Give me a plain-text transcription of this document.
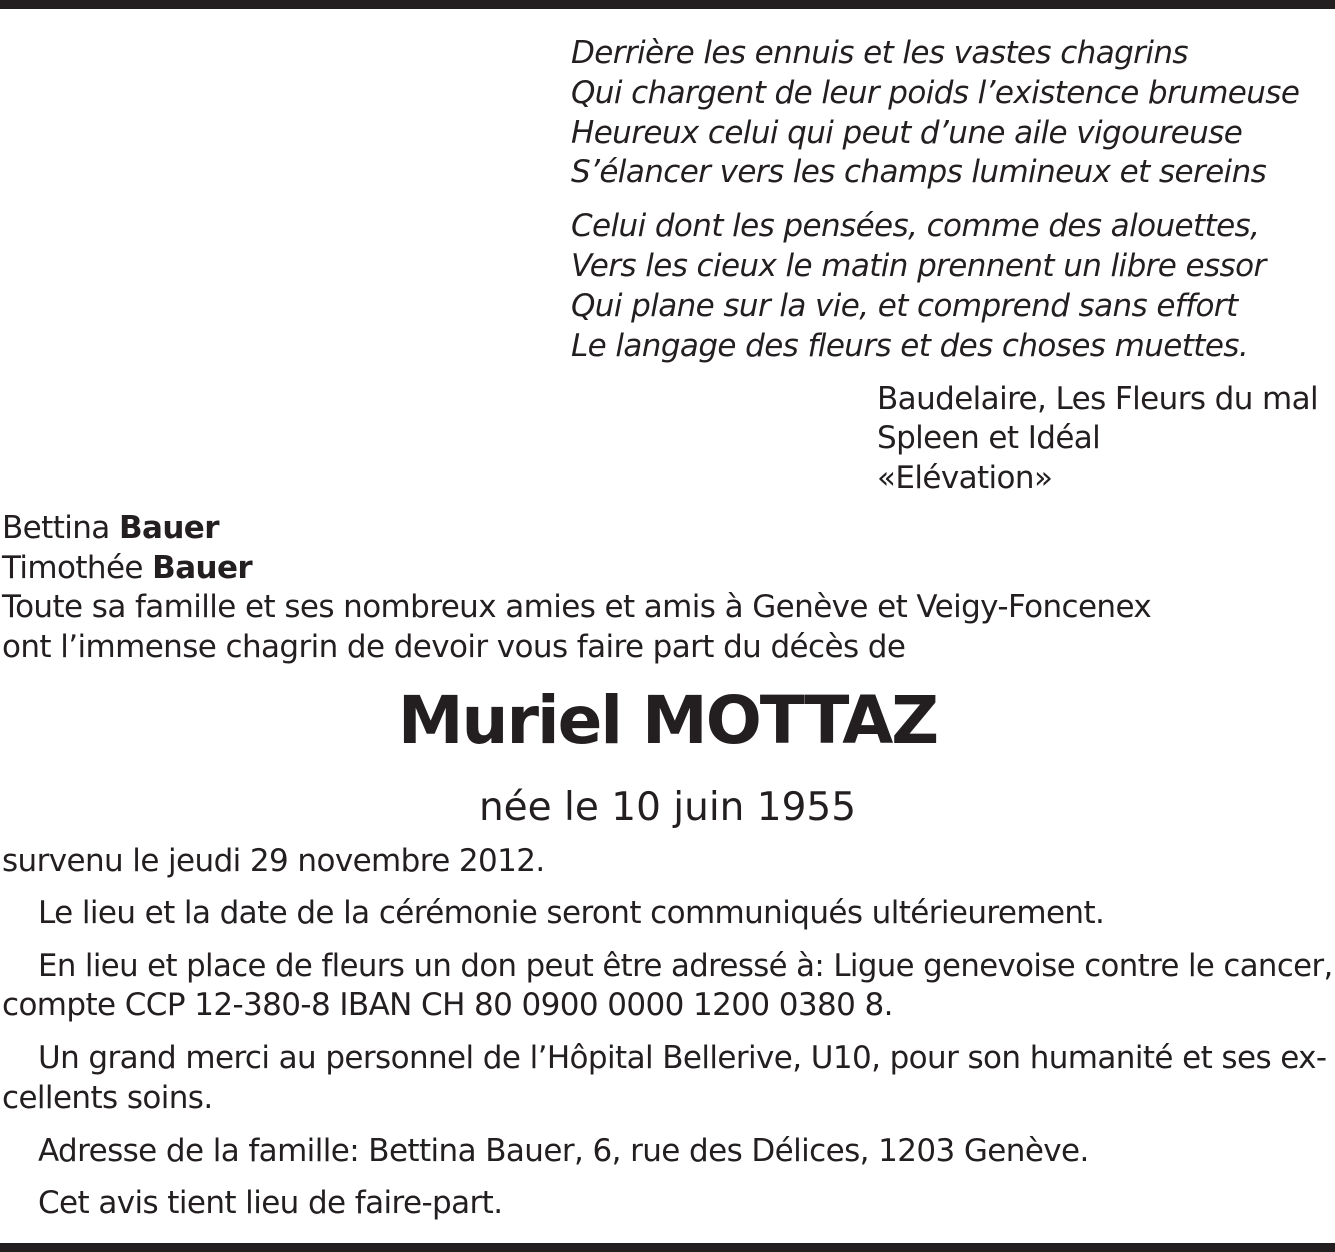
Derrière les ennuis et les vastes chagrins
Qui chargent de leur poids l’existence brumeuse
Heureux celui qui peut d’une aile vigoureuse
S’élancer vers les champs lumineux et sereins
Celui dont les pensées, comme des alouettes,
Vers les cieux le matin prennent un libre essor
Qui plane sur la vie, et comprend sans effort
Le langage des fleurs et des choses muettes.
Baudelaire, Les Fleurs du mal
Spleen et Idéal
«Elévation»
Bettina Bauer
Timothée Bauer
Toute sa famille et ses nombreux amies et amis à Genève et Veigy-Foncenex
ont l’immense chagrin de devoir vous faire part du décès de
Muriel MOTTAZ
née le 10 juin 1955
survenu le jeudi 29 novembre 2012.
Le lieu et la date de la cérémonie seront communiqués ultérieurement.
En lieu et place de fleurs un don peut être adressé à: Ligue genevoise contre le cancer,
compte CCP 12-380-8 IBAN CH 80 0900 0000 1200 0380 8.
Un grand merci au personnel de l’Hôpital Bellerive, U10, pour son humanité et ses ex-
cellents soins.
Adresse de la famille: Bettina Bauer, 6, rue des Délices, 1203 Genève.
Cet avis tient lieu de faire-part.
